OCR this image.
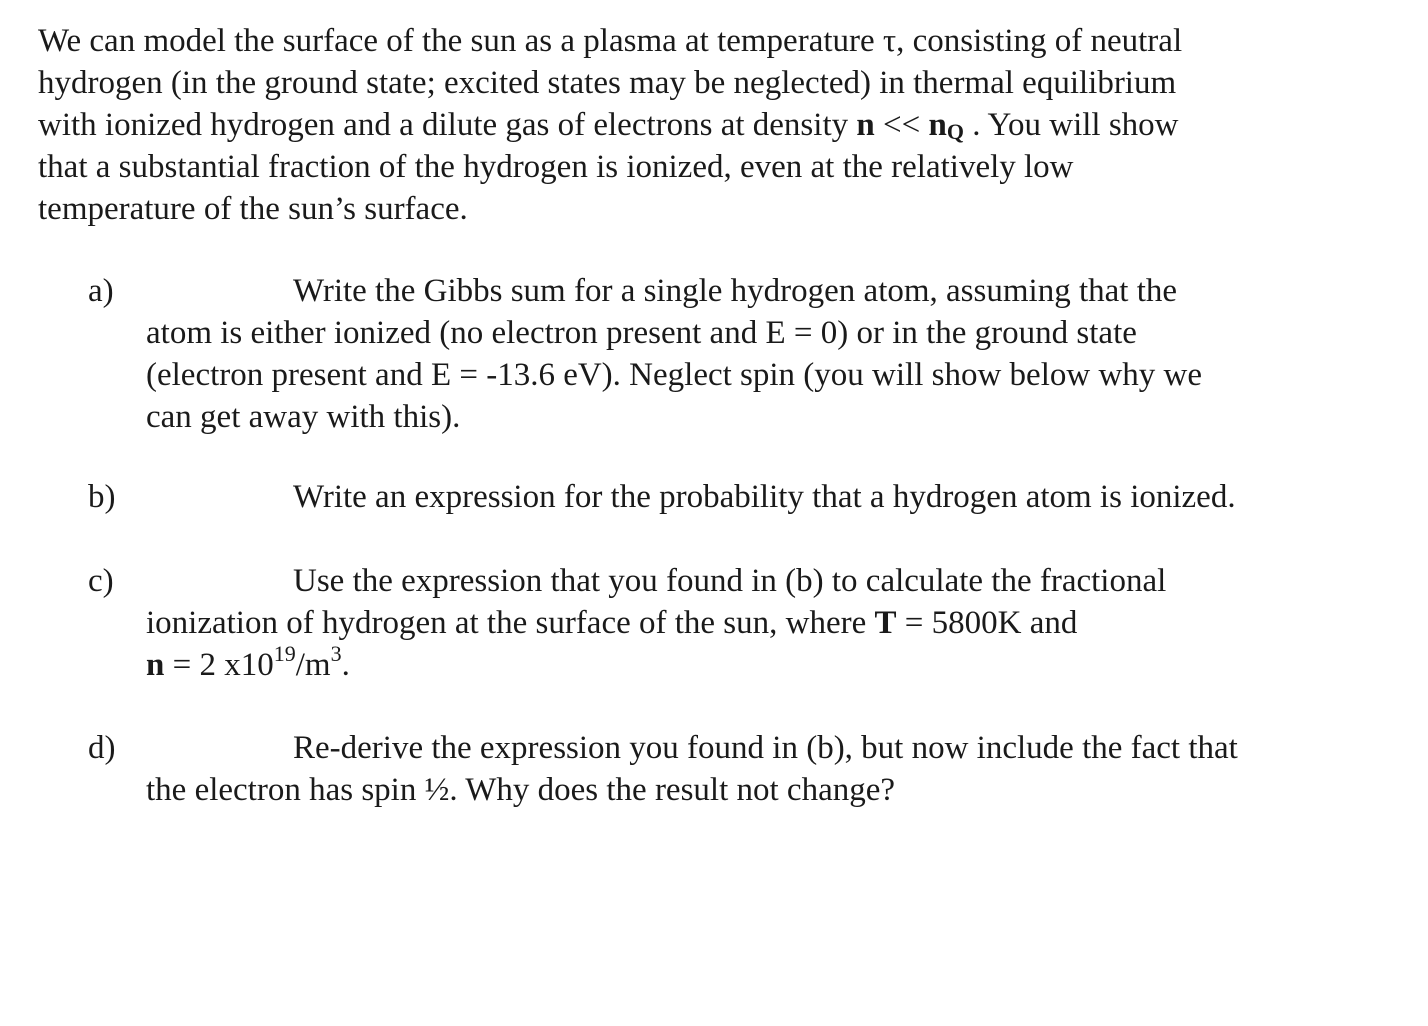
We can model the surface of the sun as a plasma at temperature τ, consisting of neutral
hydrogen (in the ground state; excited states may be neglected) in thermal equilibrium
with ionized hydrogen and a dilute gas of electrons at density $n << n_Q$ . You will show
that a substantial fraction of the hydrogen is ionized, even at the relatively low
temperature of the sun’s surface.

a)	Write the Gibbs sum for a single hydrogen atom, assuming that the
atom is either ionized (no electron present and E = 0) or in the ground state
(electron present and E = -13.6 eV). Neglect spin (you will show below why we
can get away with this).
b)	Write an expression for the probability that a hydrogen atom is ionized.
c)	Use the expression that you found in (b) to calculate the fractional
ionization of hydrogen at the surface of the sun, where T = 5800K and
n = 2 $x10^{19}/m^3$.
d)	Re-derive the expression you found in (b), but now include the fact that
the electron has spin ½. Why does the result not change?
